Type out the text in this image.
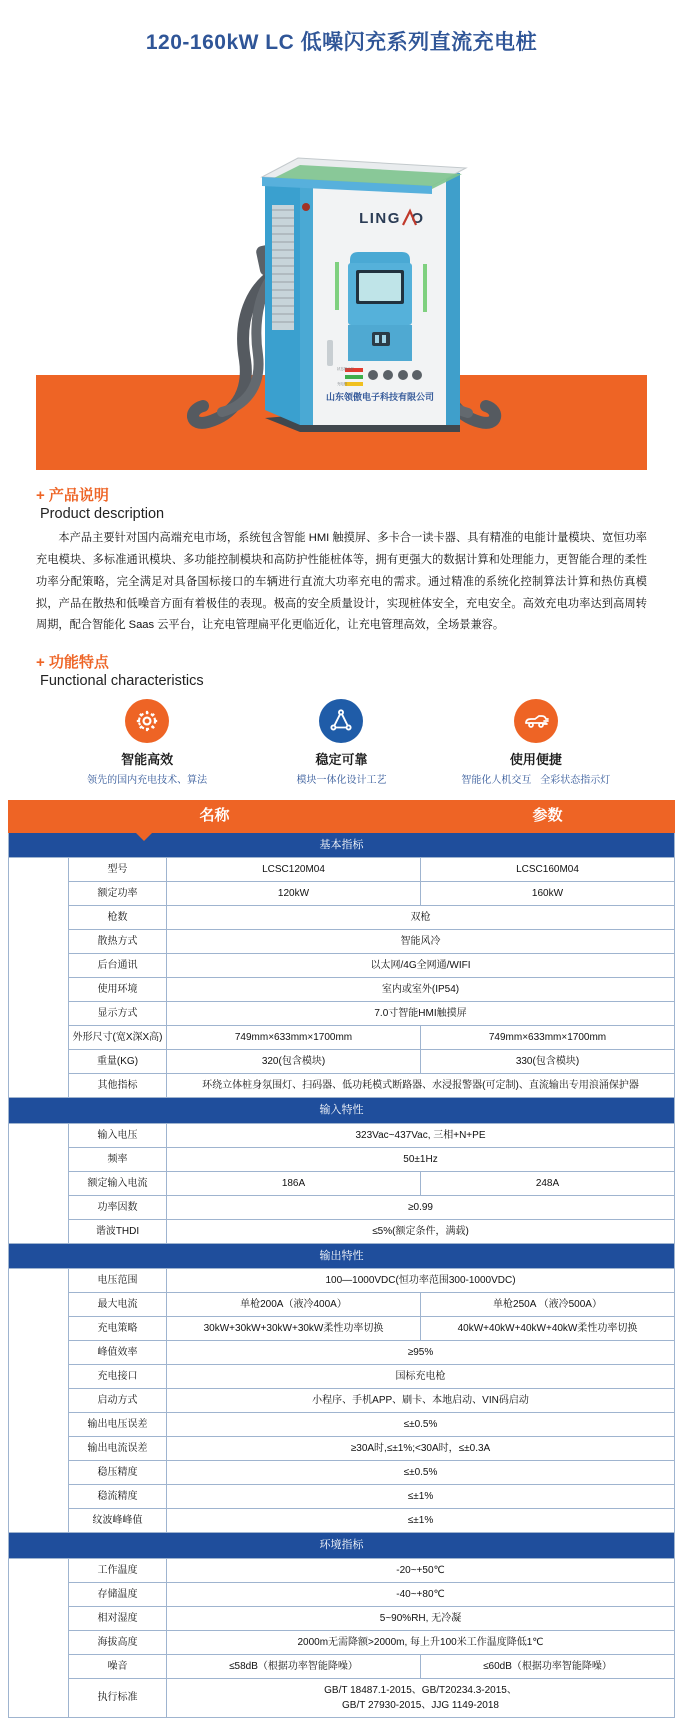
120-160kW LC 低噪闪充系列直流充电桩
LING O
状态指示灯
充电桩
山东领傲电子科技有限公司
+ 产品说明
Product description

本产品主要针对国内高端充电市场，系统包含智能 HMI 触摸屏、多卡合一读卡器、具有精准的电能计量模块、宽恒功率充电模块、多标准通讯模块、多功能控制模块和高防护性能桩体等，拥有更强大的数据计算和处理能力，更智能合理的柔性功率分配策略，完全满足对具备国标接口的车辆进行直流大功率充电的需求。通过精准的系统化控制算法计算和热仿真模拟，产品在散热和低噪音方面有着极佳的表现。极高的安全质量设计，实现桩体安全，充电安全。高效充电功率达到高周转周期，配合智能化 Saas 云平台，让充电管理扁平化更临近化，让充电管理高效，全场景兼容。

+ 功能特点
Functional characteristics
智能高效
领先的国内充电技术、算法
稳定可靠
模块一体化设计工艺
使用便捷
智能化人机交互 全彩状态指示灯
名称			参数

基本指标			
	型号	LCSC120M04	LCSC160M04
	额定功率	120kW	160kW
	枪数	双枪	
	散热方式	智能风冷	
	后台通讯	以太网/4G全网通/WIFI	
	使用环境	室内或室外(IP54)	
	显示方式	7.0寸智能HMI触摸屏	
	外形尺寸(宽X深X高)	749mm×633mm×1700mm	749mm×633mm×1700mm
	重量(KG)	320(包含模块)	330(包含模块)
	其他指标	环绕立体桩身氛围灯、扫码器、低功耗模式断路器、水浸报警器(可定制)、直流输出专用浪涌保护器	
输入特性			
	输入电压	323Vac~437Vac, 三相+N+PE	
	频率	50±1Hz	
	额定输入电流	186A	248A
	功率因数	≥0.99	
	谐波THDI	≤5%(额定条件，满载)	
输出特性			
	电压范围	100—1000VDC(恒功率范围300-1000VDC)	
	最大电流	单枪200A（液冷400A）	单枪250A （液冷500A）
	充电策略	30kW+30kW+30kW+30kW柔性功率切换	40kW+40kW+40kW+40kW柔性功率切换
	峰值效率	≥95%	
	充电接口	国标充电枪	
	启动方式	小程序、手机APP、刷卡、本地启动、VIN码启动	
	输出电压误差	≤±0.5%	
	输出电流误差	≥30A时,≤±1%;<30A时，≤±0.3A	
	稳压精度	≤±0.5%	
	稳流精度	≤±1%	
	纹波峰峰值	≤±1%	
环境指标			
	工作温度	-20~+50℃	
	存储温度	-40~+80℃	
	相对湿度	5~90%RH, 无冷凝	
	海拔高度	2000m无需降额>2000m, 每上升100米工作温度降低1℃	
	噪音	≤58dB（根据功率智能降噪）	≤60dB（根据功率智能降噪）
	执行标准	GB/T 18487.1-2015、GB/T20234.3-2015、
GB/T 27930-2015、JJG 1149-2018	
